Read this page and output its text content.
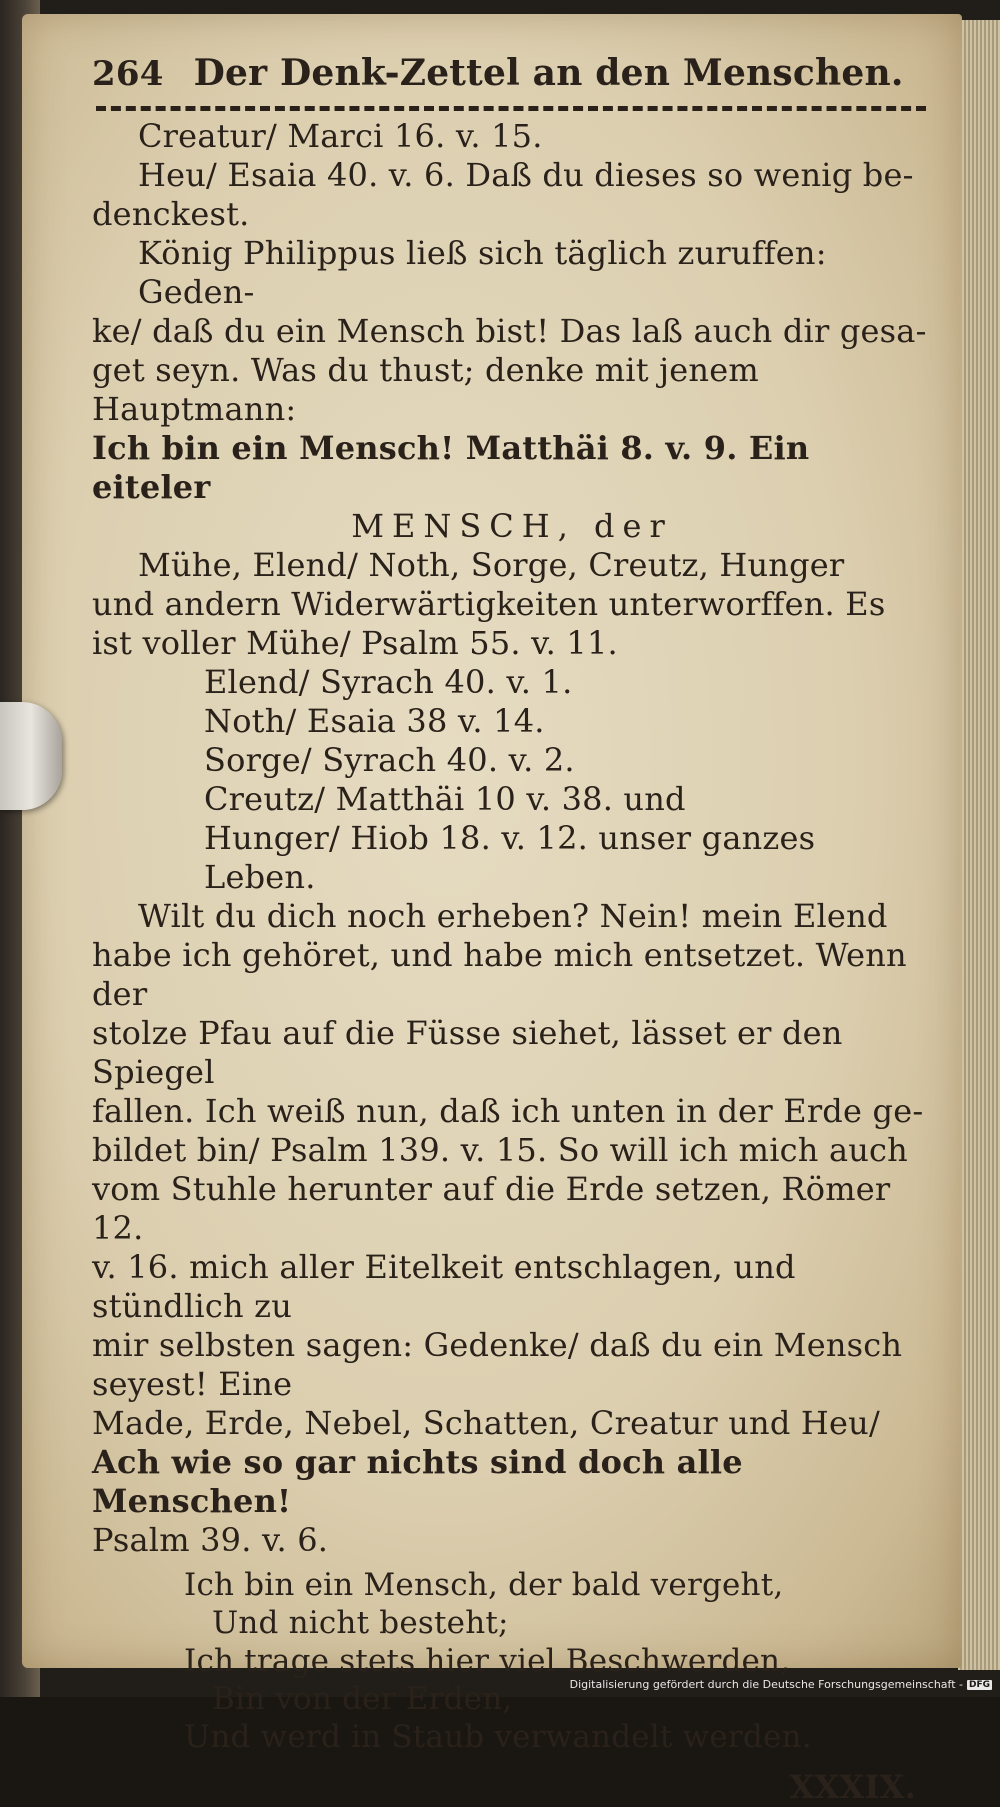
264 Der Denk-Zettel an den Menschen.

Creatur/ Marci 16. v. 15.

Heu/ Esaia 40. v. 6. Daß du dieses so wenig be-

denckest.

König Philippus ließ sich täglich zuruffen: Geden-

ke/ daß du ein Mensch bist! Das laß auch dir gesa-

get seyn. Was du thust; denke mit jenem Hauptmann:

Ich bin ein Mensch! Matthäi 8. v. 9. Ein eiteler

MENSCH, der

Mühe, Elend/ Noth, Sorge, Creutz, Hunger

und andern Widerwärtigkeiten unterworffen. Es

ist voller Mühe/ Psalm 55. v. 11.

Elend/ Syrach 40. v. 1.

Noth/ Esaia 38 v. 14.

Sorge/ Syrach 40. v. 2.

Creutz/ Matthäi 10 v. 38. und

Hunger/ Hiob 18. v. 12. unser ganzes Leben.

Wilt du dich noch erheben? Nein! mein Elend

habe ich gehöret, und habe mich entsetzet. Wenn der

stolze Pfau auf die Füsse siehet, lässet er den Spiegel

fallen. Ich weiß nun, daß ich unten in der Erde ge-

bildet bin/ Psalm 139. v. 15. So will ich mich auch

vom Stuhle herunter auf die Erde setzen, Römer 12.

v. 16. mich aller Eitelkeit entschlagen, und stündlich zu

mir selbsten sagen: Gedenke/ daß du ein Mensch

seyest! Eine

Made, Erde, Nebel, Schatten, Creatur und Heu/

Ach wie so gar nichts sind doch alle Menschen!

Psalm 39. v. 6.

Ich bin ein Mensch, der bald vergeht,

Und nicht besteht;

Ich trage stets hier viel Beschwerden,

Bin von der Erden,

Und werd in Staub verwandelt werden.

XXXIX.

Digitalisierung gefördert durch die Deutsche Forschungsgemeinschaft - DFG
